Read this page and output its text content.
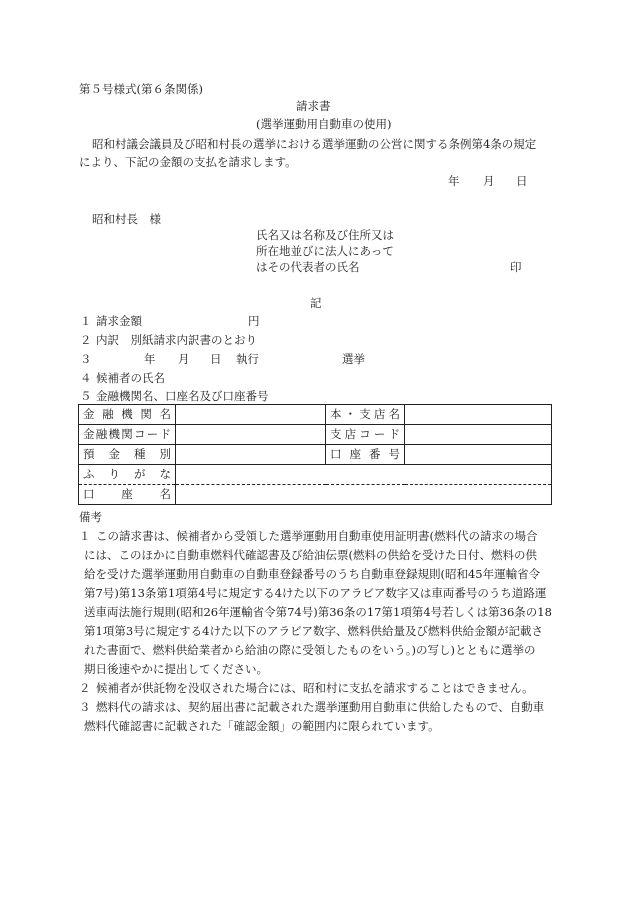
第５号様式(第６条関係)
請求書
(選挙運動用自動車の使用)
昭和村議会議員及び昭和村長の選挙における選挙運動の公営に関する条例第4条の規定
により、下記の金額の支払を請求します。
年 月 日
昭和村長　様
氏名又は名称及び住所又は
所在地並びに法人にあって
はその代表者の氏名	印
記
１ 請求金額	円
２ 内訳　別紙請求内訳書のとおり
３	年 月 日 執行	選挙
４ 候補者の氏名
５ 金融機関名、口座名及び口座番号
金融機関名		本・支店名	
金融機関コード		支店コード	
預金種別		口座番号	
ふりがな			
口座名			
備考
１ この請求書は、候補者から受領した選挙運動用自動車使用証明書(燃料代の請求の場合
には、このほかに自動車燃料代確認書及び給油伝票(燃料の供給を受けた日付、燃料の供
給を受けた選挙運動用自動車の自動車登録番号のうち自動車登録規則(昭和45年運輸省令
第7号)第13条第1項第4号に規定する4けた以下のアラビア数字又は車両番号のうち道路運
送車両法施行規則(昭和26年運輸省令第74号)第36条の17第1項第4号若しくは第36条の18
第1項第3号に規定する4けた以下のアラビア数字、燃料供給量及び燃料供給金額が記載さ
れた書面で、燃料供給業者から給油の際に受領したものをいう。)の写し)とともに選挙の
期日後速やかに提出してください。
２ 候補者が供託物を没収された場合には、昭和村に支払を請求することはできません。
３ 燃料代の請求は、契約届出書に記載された選挙運動用自動車に供給したもので、自動車
燃料代確認書に記載された「確認金額」の範囲内に限られています。
